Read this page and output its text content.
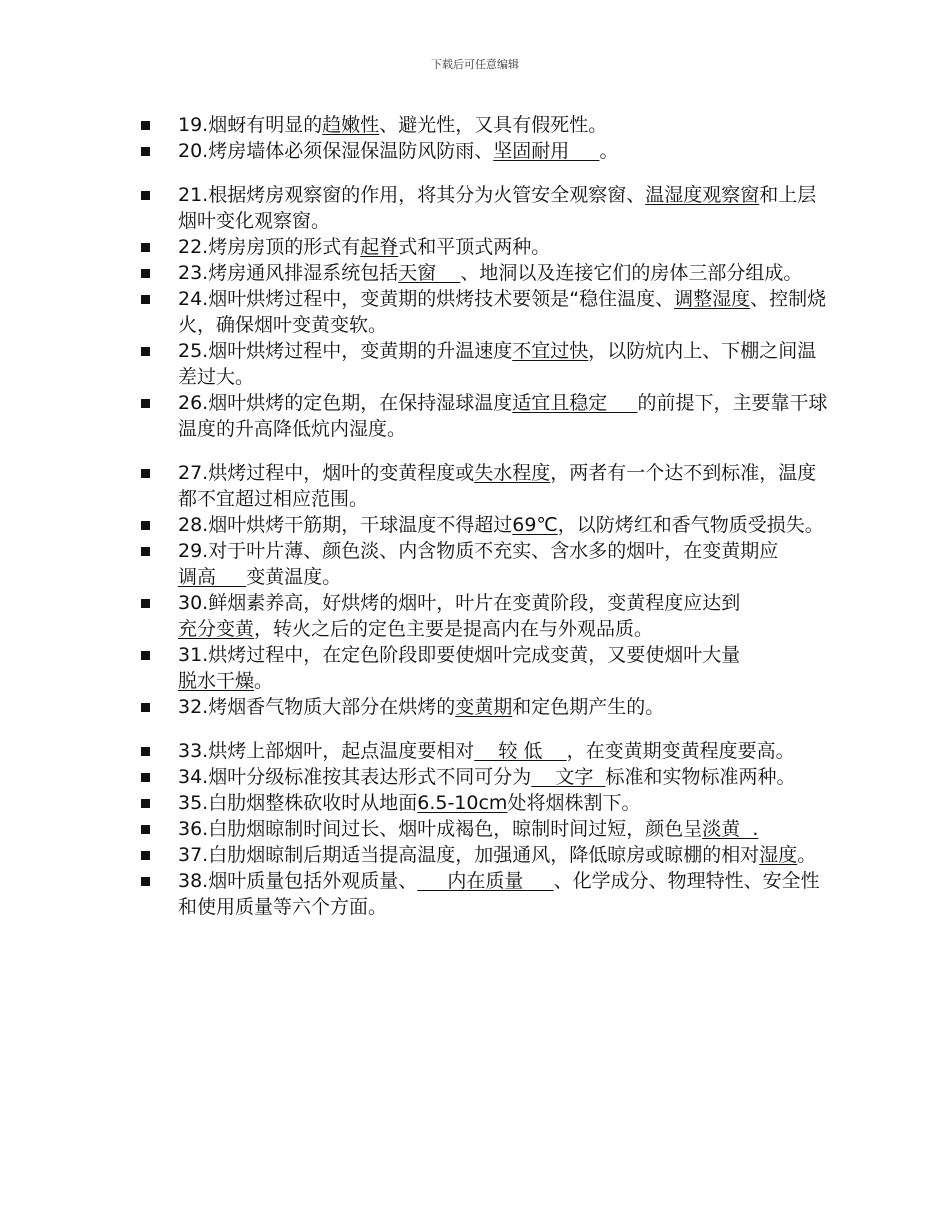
下载后可任意编辑
19.烟蚜有明显的趋嫩性、避光性，又具有假死性。
20.烤房墙体必须保湿保温防风防雨、坚固耐用     。
21.根据烤房观察窗的作用，将其分为火管安全观察窗、温湿度观察窗和上层烟叶变化观察窗。
22.烤房房顶的形式有起脊式和平顶式两种。
23.烤房通风排湿系统包括天窗    、地洞以及连接它们的房体三部分组成。
24.烟叶烘烤过程中，变黄期的烘烤技术要领是“稳住温度、调整湿度、控制烧火，确保烟叶变黄变软。
25.烟叶烘烤过程中，变黄期的升温速度不宜过快，以防炕内上、下棚之间温差过大。
26.烟叶烘烤的定色期，在保持湿球温度适宜且稳定     的前提下，主要靠干球温度的升高降低炕内湿度。
27.烘烤过程中，烟叶的变黄程度或失水程度，两者有一个达不到标准，温度都不宜超过相应范围。
28.烟叶烘烤干筋期，干球温度不得超过69℃，以防烤红和香气物质受损失。
29.对于叶片薄、颜色淡、内含物质不充实、含水多的烟叶，在变黄期应调高     变黄温度。
30.鲜烟素养高，好烘烤的烟叶，叶片在变黄阶段，变黄程度应达到充分变黄，转火之后的定色主要是提高内在与外观品质。
31.烘烤过程中，在定色阶段即要使烟叶完成变黄，又要使烟叶大量脱水干燥。
32.烤烟香气物质大部分在烘烤的变黄期和定色期产生的。
33.烘烤上部烟叶，起点温度要相对    较 低    ，在变黄期变黄程度要高。
34.烟叶分级标准按其表达形式不同可分为    文字  标准和实物标准两种。
35.白肋烟整株砍收时从地面6.5-10cm处将烟株割下。
36.白肋烟晾制时间过长、烟叶成褐色，晾制时间过短，颜色呈淡黄  .
37.白肋烟晾制后期适当提高温度，加强通风，降低晾房或晾棚的相对湿度。
38.烟叶质量包括外观质量、     内在质量     、化学成分、物理特性、安全性和使用质量等六个方面。
